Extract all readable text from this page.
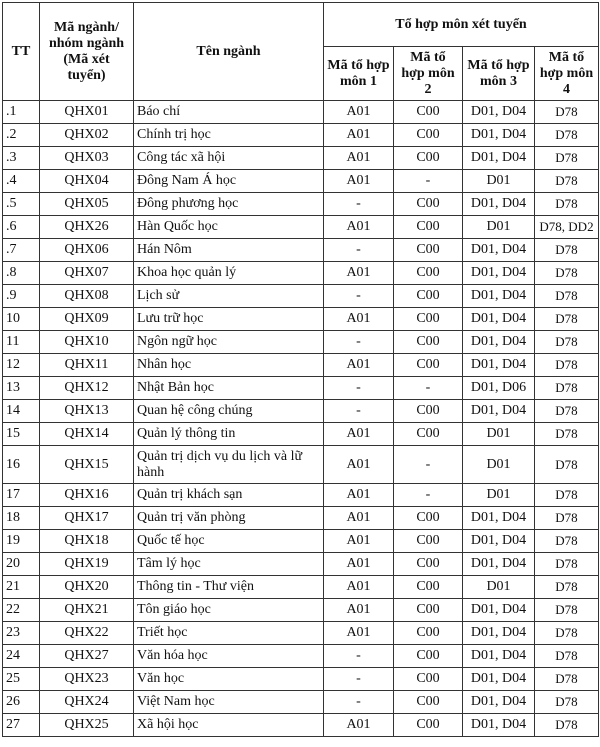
TT	Mã ngành/ nhóm ngành (Mã xét tuyển)	Tên ngành	Tổ hợp môn xét tuyển			
			Mã tổ hợp môn 1	Mã tổ hợp môn 2	Mã tổ hợp môn 3	Mã tổ hợp môn 4
.1	QHX01	Báo chí	A01	C00	D01, D04	D78
.2	QHX02	Chính trị học	A01	C00	D01, D04	D78
.3	QHX03	Công tác xã hội	A01	C00	D01, D04	D78
.4	QHX04	Đông Nam Á học	A01	-	D01	D78
.5	QHX05	Đông phương học	-	C00	D01, D04	D78
.6	QHX26	Hàn Quốc học	A01	C00	D01	D78, DD2
.7	QHX06	Hán Nôm	-	C00	D01, D04	D78
.8	QHX07	Khoa học quản lý	A01	C00	D01, D04	D78
.9	QHX08	Lịch sử	-	C00	D01, D04	D78
10	QHX09	Lưu trữ học	A01	C00	D01, D04	D78
11	QHX10	Ngôn ngữ học	-	C00	D01, D04	D78
12	QHX11	Nhân học	A01	C00	D01, D04	D78
13	QHX12	Nhật Bản học	-	-	D01, D06	D78
14	QHX13	Quan hệ công chúng	-	C00	D01, D04	D78
15	QHX14	Quản lý thông tin	A01	C00	D01	D78
16	QHX15	Quản trị dịch vụ du lịch và lữ hành	A01	-	D01	D78
17	QHX16	Quản trị khách sạn	A01	-	D01	D78
18	QHX17	Quản trị văn phòng	A01	C00	D01, D04	D78
19	QHX18	Quốc tế học	A01	C00	D01, D04	D78
20	QHX19	Tâm lý học	A01	C00	D01, D04	D78
21	QHX20	Thông tin - Thư viện	A01	C00	D01	D78
22	QHX21	Tôn giáo học	A01	C00	D01, D04	D78
23	QHX22	Triết học	A01	C00	D01, D04	D78
24	QHX27	Văn hóa học	-	C00	D01, D04	D78
25	QHX23	Văn học	-	C00	D01, D04	D78
26	QHX24	Việt Nam học	-	C00	D01, D04	D78
27	QHX25	Xã hội học	A01	C00	D01, D04	D78
